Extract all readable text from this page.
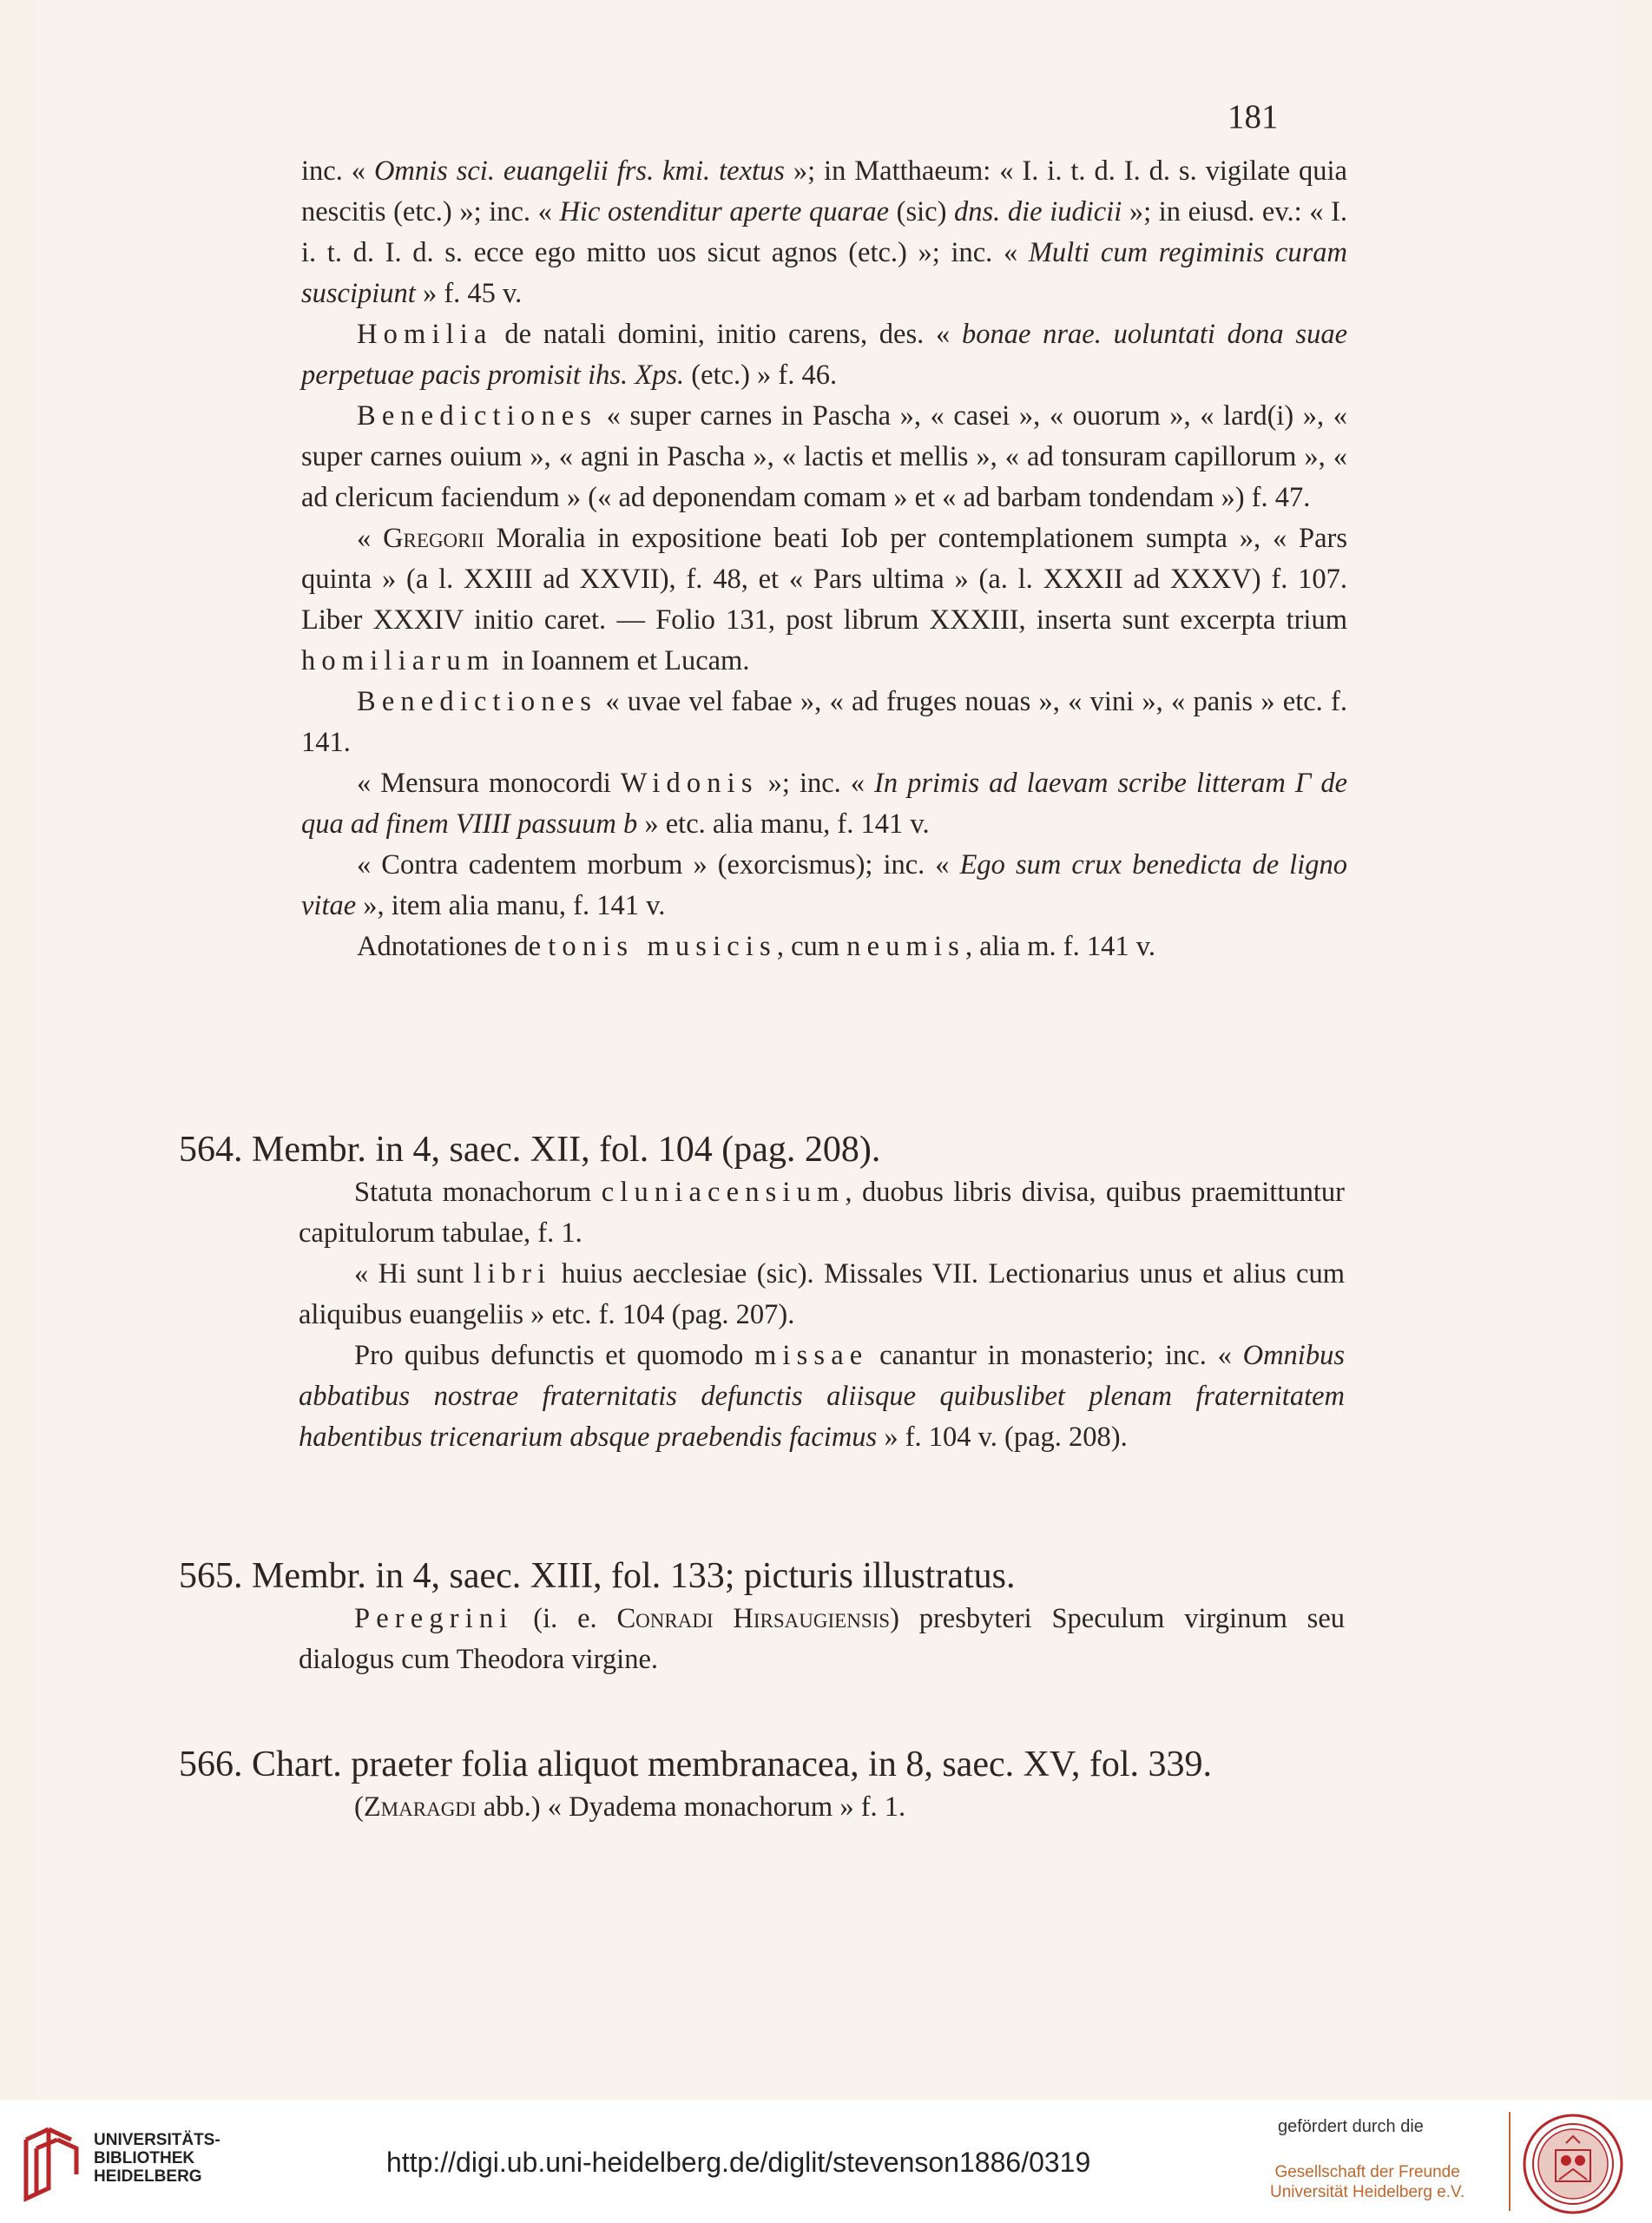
181

inc. « Omnis sci. euangelii frs. kmi. textus »; in Matthaeum: « I. i. t. d. I. d. s. vigilate quia nescitis (etc.) »; inc. « Hic ostenditur aperte quarae (sic) dns. die iudicii »; in eiusd. ev.: « I. i. t. d. I. d. s. ecce ego mitto uos sicut agnos (etc.) »; inc. « Multi cum regiminis curam suscipiunt » f. 45 v.

Homilia de natali domini, initio carens, des. « bonae nrae. uoluntati dona suae perpetuae pacis promisit ihs. Xps. (etc.) » f. 46.

Benedictiones « super carnes in Pascha », « casei », « ouorum », « lard(i) », « super carnes ouium », « agni in Pascha », « lactis et mellis », « ad tonsuram capillorum », « ad clericum faciendum » (« ad deponendam comam » et « ad barbam tondendam ») f. 47.

« Gregorii Moralia in expositione beati Iob per contemplationem sumpta », « Pars quinta » (a l. XXIII ad XXVII), f. 48, et « Pars ultima » (a. l. XXXII ad XXXV) f. 107. Liber XXXIV initio caret. — Folio 131, post librum XXXIII, inserta sunt excerpta trium homiliarum in Ioannem et Lucam.

Benedictiones « uvae vel fabae », « ad fruges nouas », « vini », « panis » etc. f. 141.

« Mensura monocordi Widonis »; inc. « In primis ad laevam scribe litteram Γ de qua ad finem VIIII passuum b » etc. alia manu, f. 141 v.

« Contra cadentem morbum » (exorcismus); inc. « Ego sum crux benedicta de ligno vitae », item alia manu, f. 141 v.

Adnotationes de tonis musicis, cum neumis, alia m. f. 141 v.

564. Membr. in 4, saec. XII, fol. 104 (pag. 208).

Statuta monachorum cluniacensium, duobus libris divisa, quibus praemittuntur capitulorum tabulae, f. 1.

« Hi sunt libri huius aecclesiae (sic). Missales VII. Lectionarius unus et alius cum aliquibus euangeliis » etc. f. 104 (pag. 207).

Pro quibus defunctis et quomodo missae canantur in monasterio; inc. « Omnibus abbatibus nostrae fraternitatis defunctis aliisque quibuslibet plenam fraternitatem habentibus tricenarium absque praebendis facimus » f. 104 v. (pag. 208).

565. Membr. in 4, saec. XIII, fol. 133; picturis illustratus.

Peregrini (i. e. Conradi Hirsaugiensis) presbyteri Speculum virginum seu dialogus cum Theodora virgine.

566. Chart. praeter folia aliquot membranacea, in 8, saec. XV, fol. 339.

(Zmaragdi abb.) « Dyadema monachorum » f. 1.

UNIVERSITÄTS-
BIBLIOTHEK
HEIDELBERG	http://digi.ub.uni-heidelberg.de/diglit/stevenson1886/0319
gefördert durch die
Gesellschaft der Freunde
Universität Heidelberg e.V.
